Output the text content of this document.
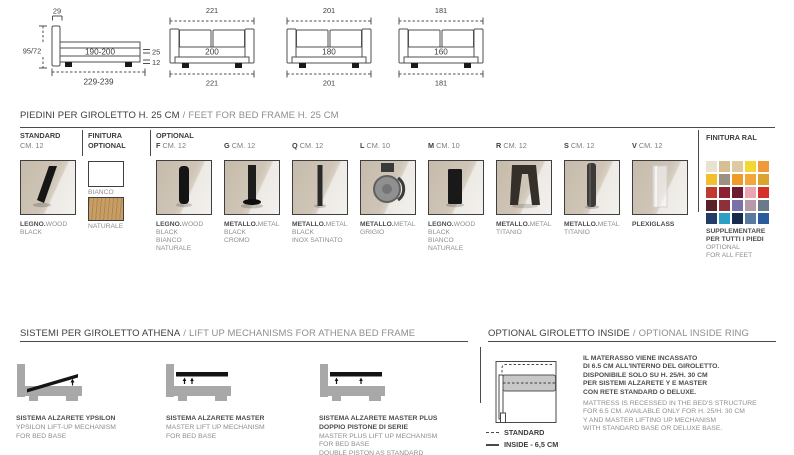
29
95/72	190-200	25
12
229-239
221
200
221
201
180
201
181
160
181
PIEDINI PER GIROLETTO H. 25 CM / FEET FOR BED FRAME H. 25 CM
STANDARD
CM. 12
LEGNO.WOOD
BLACK
FINITURA
OPTIONAL
BIANCO
NATURALE
OPTIONAL
F CM. 12
LEGNO.WOOD
BLACK
BIANCO
NATURALE
G CM. 12
METALLO.METAL
BLACK
CROMO
Q CM. 12
METALLO.METAL
BLACK
INOX SATINATO
L CM. 10
METALLO.METAL
GRIGIO
M CM. 10
LEGNO.WOOD
BLACK
BIANCO
NATURALE
R CM. 12
METALLO.METAL
TITANIO
S CM. 12
METALLO.METAL
TITANIO
V CM. 12
PLEXIGLASS
FINITURA RAL
SUPPLEMENTARE
PER TUTTI I PIEDI
OPTIONAL
FOR ALL FEET
SISTEMI PER GIROLETTO ATHENA / LIFT UP MECHANISMS FOR ATHENA BED FRAME
SISTEMA ALZARETE YPSILON
YPSILON LIFT-UP MECHANISM
FOR BED BASE
SISTEMA ALZARETE MASTER
MASTER LIFT UP MECHANISM
FOR BED BASE
SISTEMA ALZARETE MASTER PLUS
DOPPIO PISTONE DI SERIE
MASTER PLUS LIFT UP MECHANISM
FOR BED BASE
DOUBLE PISTON AS STANDARD
OPTIONAL GIROLETTO INSIDE / OPTIONAL INSIDE RING
STANDARD
INSIDE - 6,5 CM
IL MATERASSO VIENE INCASSATO
DI 6.5 CM ALL'INTERNO DEL GIROLETTO.
DISPONIBILE SOLO SU H. 25/H. 30 CM
PER SISTEMI ALZARETE Y E MASTER
CON RETE STANDARD O DELUXE.
MATTRESS IS RECESSED IN THE BED'S STRUCTURE
FOR 6.5 CM. AVAILABLE ONLY FOR H. 25/H. 30 CM
Y AND MASTER LIFTING UP MECHANISM
WITH STANDARD BASE OR DELUXE BASE.
